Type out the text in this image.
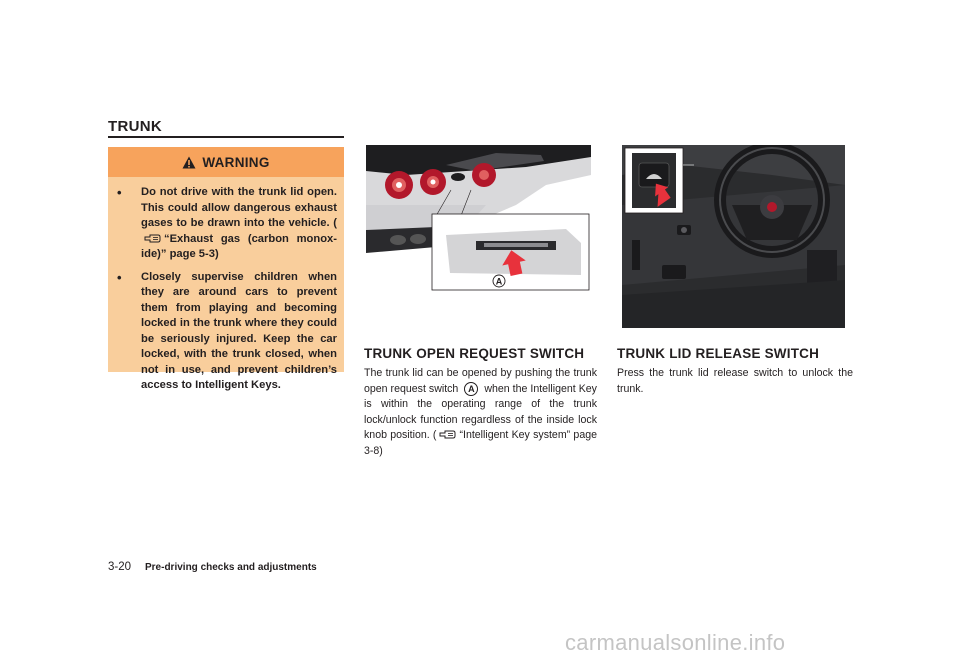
TRUNK
WARNING
•	Do not drive with the trunk lid open. This could allow dangerous exhaust gases to be drawn into the vehicle. (“Exhaust gas (carbon monox-ide)” page 5-3)
•	Closely supervise children when they are around cars to prevent them from playing and becoming locked in the trunk where they could be seriously injured. Keep the car locked, with the trunk closed, when not in use, and prevent children’s access to Intelligent Keys.
A
TRUNK OPEN REQUEST SWITCH
The trunk lid can be opened by pushing the trunk open request switch A when the Intelligent Key is within the operating range of the trunk lock/unlock function regardless of the inside lock knob position. ( “Intelligent Key system” page 3-8)
TRUNK LID RELEASE SWITCH
Press the trunk lid release switch to unlock the trunk.
3-20 Pre-driving checks and adjustments
carmanualsonline.info
